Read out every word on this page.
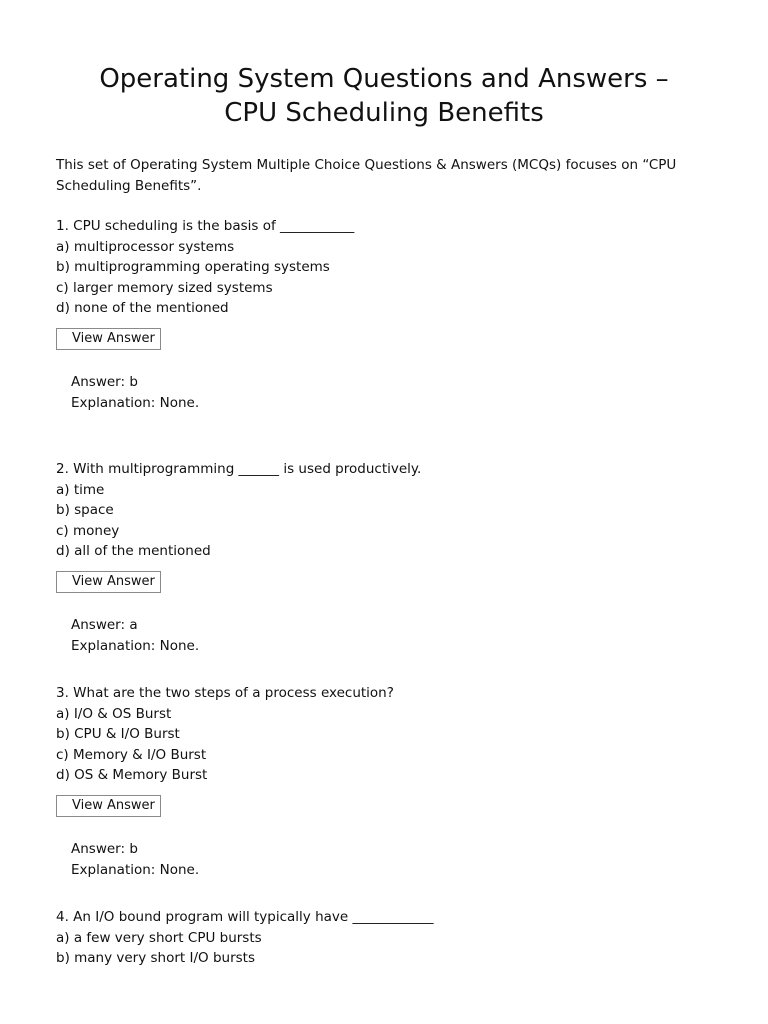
Operating System Questions and Answers –
CPU Scheduling Benefits

This set of Operating System Multiple Choice Questions & Answers (MCQs) focuses on “CPU
Scheduling Benefits”.

1. CPU scheduling is the basis of ___________
a) multiprocessor systems
b) multiprogramming operating systems
c) larger memory sized systems
d) none of the mentioned
View Answer
Answer: b
Explanation: None.
2. With multiprogramming ______ is used productively.
a) time
b) space
c) money
d) all of the mentioned
View Answer
Answer: a
Explanation: None.
3. What are the two steps of a process execution?
a) I/O & OS Burst
b) CPU & I/O Burst
c) Memory & I/O Burst
d) OS & Memory Burst
View Answer
Answer: b
Explanation: None.
4. An I/O bound program will typically have ____________
a) a few very short CPU bursts
b) many very short I/O bursts
